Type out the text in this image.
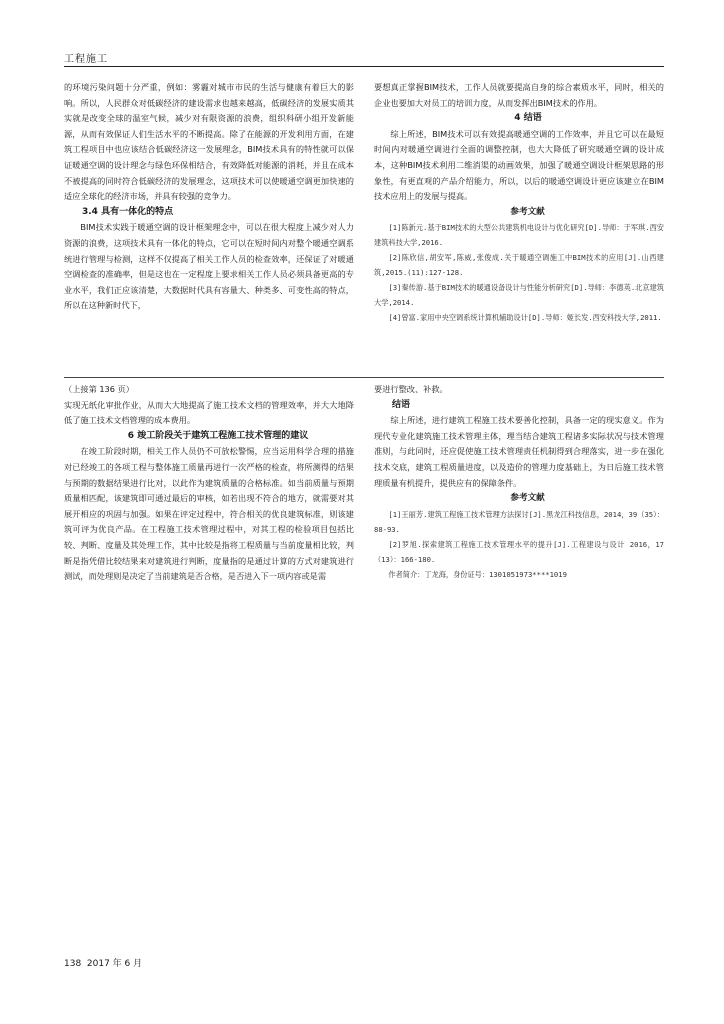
工程施工

的环境污染问题十分严重，例如：雾霾对城市市民的生活与健康有着巨大的影响。所以，人民群众对低碳经济的建设需求也越来越高，低碳经济的发展实质其实就是改变全球的温室气候，减少对有限资源的浪费，组织科研小组开发新能源，从而有效保证人们生活水平的不断提高。除了在能源的开发利用方面，在建筑工程项目中也应该结合低碳经济这一发展理念，BIM技术具有的特性就可以保证暖通空调的设计理念与绿色环保相结合，有效降低对能源的消耗，并且在成本不被提高的同时符合低碳经济的发展理念，这项技术可以使暖通空调更加快速的适应全球化的经济市场，并具有较强的竞争力。

3.4 具有一体化的特点

BIM技术实践于暖通空调的设计框架理念中，可以在很大程度上减少对人力资源的浪费，这项技术具有一体化的特点，它可以在短时间内对整个暖通空调系统进行管理与检测，这样不仅提高了相关工作人员的检查效率，还保证了对暖通空调检查的准确率，但是这也在一定程度上要求相关工作人员必须具备更高的专业水平，我们正应该清楚，大数据时代具有容量大、种类多、可变性高的特点，所以在这种新时代下，

要想真正掌握BIM技术，工作人员就要提高自身的综合素质水平，同时，相关的企业也要加大对员工的培训力度，从而发挥出BIM技术的作用。

4 结语

综上所述，BIM技术可以有效提高暖通空调的工作效率，并且它可以在最短时间内对暖通空调进行全面的调整控制，也大大降低了研究暖通空调的设计成本，这种BIM技术利用二维消渠的动画效果，加强了暖通空调设计框架思路的形象性，有更直观的产品介绍能力，所以，以后的暖通空调设计更应该建立在BIM技术应用上的发展与提高。

参考文献

[1]陈新元.基于BIM技术的大型公共建筑机电设计与优化研究[D].导师：于军琪.西安建筑科技大学,2016.

[2]陈欣信,胡安军,陈威,张俊成.关于暖通空调施工中BIM技术的应用[J].山西建筑,2015.(11):127-128.

[3]秦传游.基于BIM技术的暖通设备设计与性能分析研究[D].导师：李德英.北京建筑大学,2014.

[4]曾富.家用中央空调系统计算机辅助设计[D].导师：姬长发.西安科技大学,2011.

（上接第 136 页）

实现无纸化审批作业，从而大大地提高了施工技术文档的管理效率，并大大地降低了施工技术文档管理的成本费用。

6 竣工阶段关于建筑工程施工技术管理的建议

在竣工阶段时期，相关工作人员仍不可放松警惕，应当运用科学合理的措施对已经竣工的各项工程与整体施工质量再进行一次严格的检查，将所测得的结果与预期的数据结果进行比对，以此作为建筑质量的合格标准。如当前质量与预期质量相匹配，该建筑即可通过最后的审核，如若出现不符合的地方，就需要对其展开相应的巩固与加强。如果在评定过程中，符合相关的优良建筑标准，则该建筑可评为优良产品。在工程施工技术管理过程中，对其工程的检验项目包括比较、判断、度量及其处理工作，其中比较是指将工程质量与当前度量相比较，判断是指凭借比较结果来对建筑进行判断，度量指的是通过计算的方式对建筑进行测试，而处理则是决定了当前建筑是否合格，是否进入下一项内容或是需

要进行整改、补救。

结语

综上所述，进行建筑工程施工技术要善化控制，具备一定的现实意义。作为现代专业化建筑施工技术管理主体，理当结合建筑工程诸多实际状况与技术管理准则，与此同时，还应促使施工技术管理责任机制得到合理落实，进一步在强化技术交底，建筑工程质量进度，以及造价的管理力度基础上，为日后施工技术管理质量有机提升，提供应有的保障条件。

参考文献

[1]王丽芳.建筑工程施工技术管理方法探讨[J].黑龙江科技信息，2014，39（35）：88-93.

[2]罗旭.探索建筑工程施工技术管理水平的提升[J].工程建设与设计 2016，17（13）：166-180.

作者简介：丁龙海，身份证号：1301051973****1019

138 2017 年 6 月
